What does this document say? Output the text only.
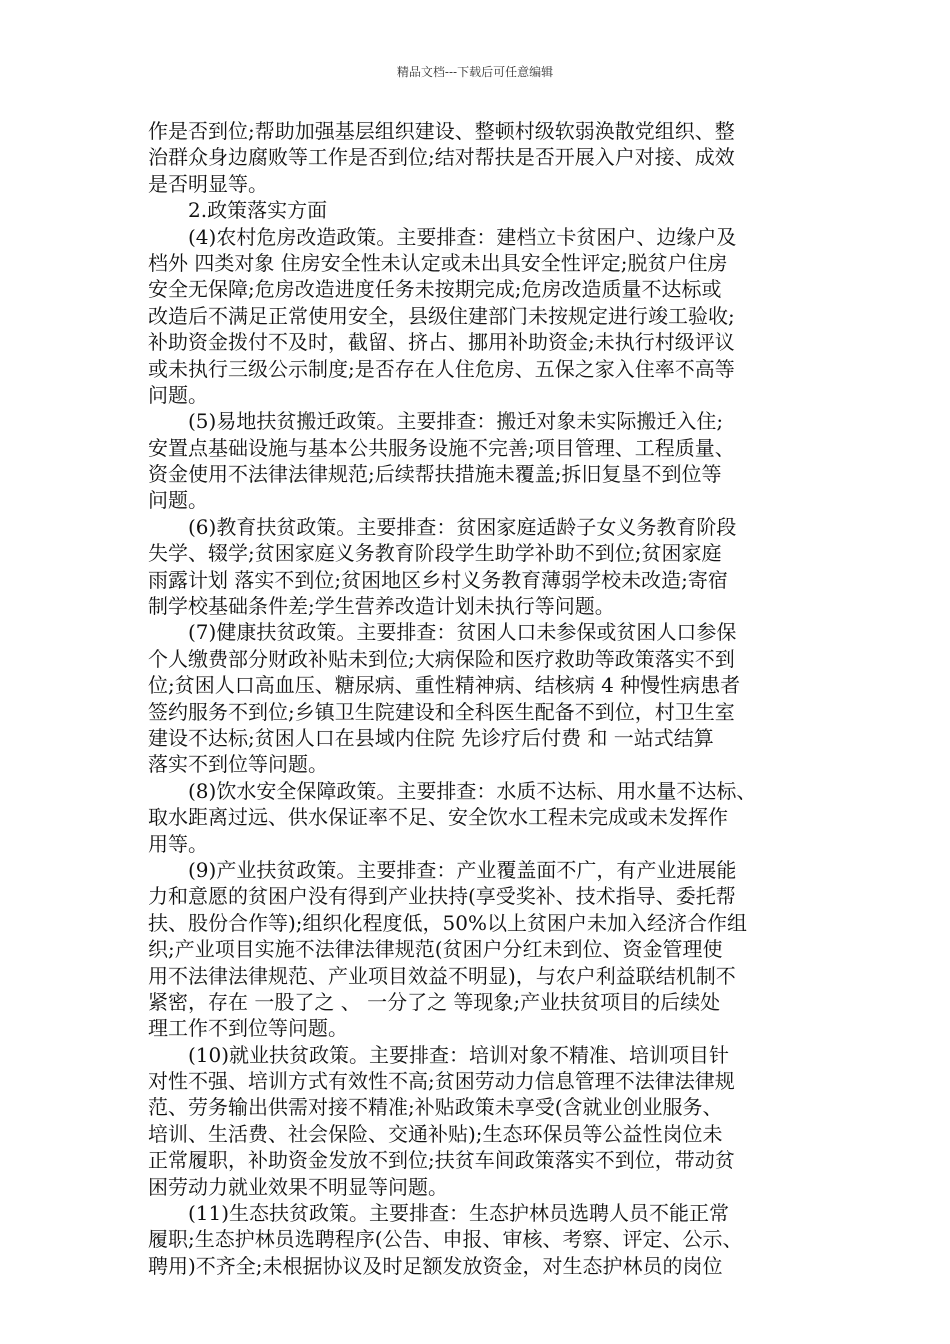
精品文档---下载后可任意编辑
作是否到位;帮助加强基层组织建设、整顿村级软弱涣散党组织、整
治群众身边腐败等工作是否到位;结对帮扶是否开展入户对接、成效
是否明显等。
　　2.政策落实方面
　　(4)农村危房改造政策。主要排查：建档立卡贫困户、边缘户及
档外 四类对象 住房安全性未认定或未出具安全性评定;脱贫户住房
安全无保障;危房改造进度任务未按期完成;危房改造质量不达标或
改造后不满足正常使用安全，县级住建部门未按规定进行竣工验收;
补助资金拨付不及时，截留、挤占、挪用补助资金;未执行村级评议
或未执行三级公示制度;是否存在人住危房、五保之家入住率不高等
问题。
　　(5)易地扶贫搬迁政策。主要排查：搬迁对象未实际搬迁入住;
安置点基础设施与基本公共服务设施不完善;项目管理、工程质量、
资金使用不法律法律规范;后续帮扶措施未覆盖;拆旧复垦不到位等
问题。
　　(6)教育扶贫政策。主要排查：贫困家庭适龄子女义务教育阶段
失学、辍学;贫困家庭义务教育阶段学生助学补助不到位;贫困家庭
雨露计划 落实不到位;贫困地区乡村义务教育薄弱学校未改造;寄宿
制学校基础条件差;学生营养改造计划未执行等问题。
　　(7)健康扶贫政策。主要排查：贫困人口未参保或贫困人口参保
个人缴费部分财政补贴未到位;大病保险和医疗救助等政策落实不到
位;贫困人口高血压、糖尿病、重性精神病、结核病 4 种慢性病患者
签约服务不到位;乡镇卫生院建设和全科医生配备不到位，村卫生室
建设不达标;贫困人口在县域内住院 先诊疗后付费 和 一站式结算
落实不到位等问题。
　　(8)饮水安全保障政策。主要排查：水质不达标、用水量不达标、
取水距离过远、供水保证率不足、安全饮水工程未完成或未发挥作
用等。
　　(9)产业扶贫政策。主要排查：产业覆盖面不广，有产业进展能
力和意愿的贫困户没有得到产业扶持(享受奖补、技术指导、委托帮
扶、股份合作等);组织化程度低，50%以上贫困户未加入经济合作组
织;产业项目实施不法律法律规范(贫困户分红未到位、资金管理使
用不法律法律规范、产业项目效益不明显)，与农户利益联结机制不
紧密，存在 一股了之 、 一分了之 等现象;产业扶贫项目的后续处
理工作不到位等问题。
　　(10)就业扶贫政策。主要排查：培训对象不精准、培训项目针
对性不强、培训方式有效性不高;贫困劳动力信息管理不法律法律规
范、劳务输出供需对接不精准;补贴政策未享受(含就业创业服务、
培训、生活费、社会保险、交通补贴);生态环保员等公益性岗位未
正常履职，补助资金发放不到位;扶贫车间政策落实不到位，带动贫
困劳动力就业效果不明显等问题。
　　(11)生态扶贫政策。主要排查：生态护林员选聘人员不能正常
履职;生态护林员选聘程序(公告、申报、审核、考察、评定、公示、
聘用)不齐全;未根据协议及时足额发放资金，对生态护林员的岗位
